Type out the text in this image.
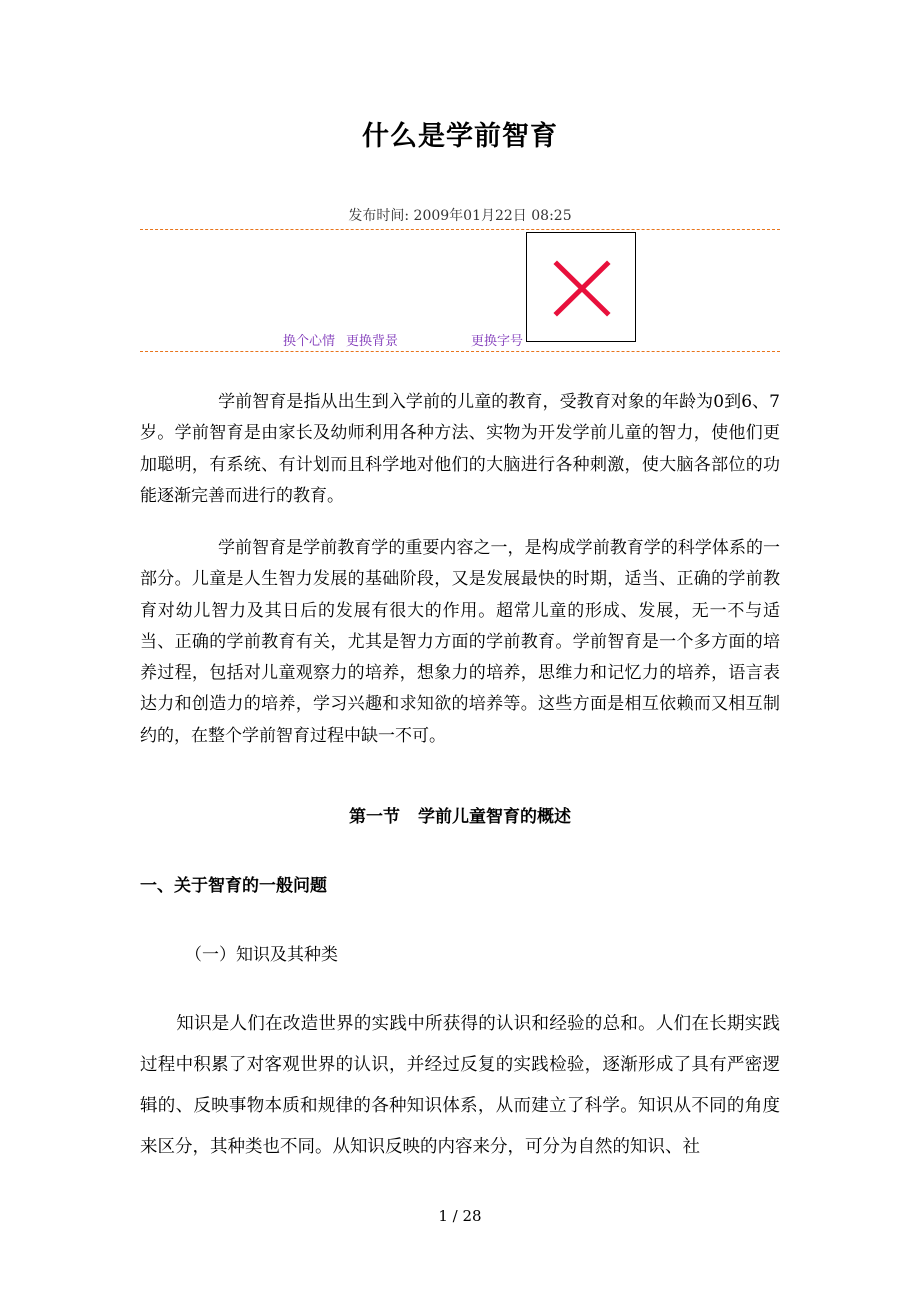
什么是学前智育
发布时间: 2009年01月22日 08:25
换个心情 更换背景	更换字号

学前智育是指从出生到入学前的儿童的教育，受教育对象的年龄为0到6、7岁。学前智育是由家长及幼师利用各种方法、实物为开发学前儿童的智力，使他们更加聪明，有系统、有计划而且科学地对他们的大脑进行各种刺激，使大脑各部位的功能逐渐完善而进行的教育。

学前智育是学前教育学的重要内容之一，是构成学前教育学的科学体系的一部分。儿童是人生智力发展的基础阶段，又是发展最快的时期，适当、正确的学前教育对幼儿智力及其日后的发展有很大的作用。超常儿童的形成、发展，无一不与适当、正确的学前教育有关，尤其是智力方面的学前教育。学前智育是一个多方面的培养过程，包括对儿童观察力的培养，想象力的培养，思维力和记忆力的培养，语言表达力和创造力的培养，学习兴趣和求知欲的培养等。这些方面是相互依赖而又相互制约的，在整个学前智育过程中缺一不可。

第一节 学前儿童智育的概述
一、关于智育的一般问题
（一）知识及其种类

知识是人们在改造世界的实践中所获得的认识和经验的总和。人们在长期实践过程中积累了对客观世界的认识，并经过反复的实践检验，逐渐形成了具有严密逻辑的、反映事物本质和规律的各种知识体系，从而建立了科学。知识从不同的角度来区分，其种类也不同。从知识反映的内容来分，可分为自然的知识、社

1 / 28
